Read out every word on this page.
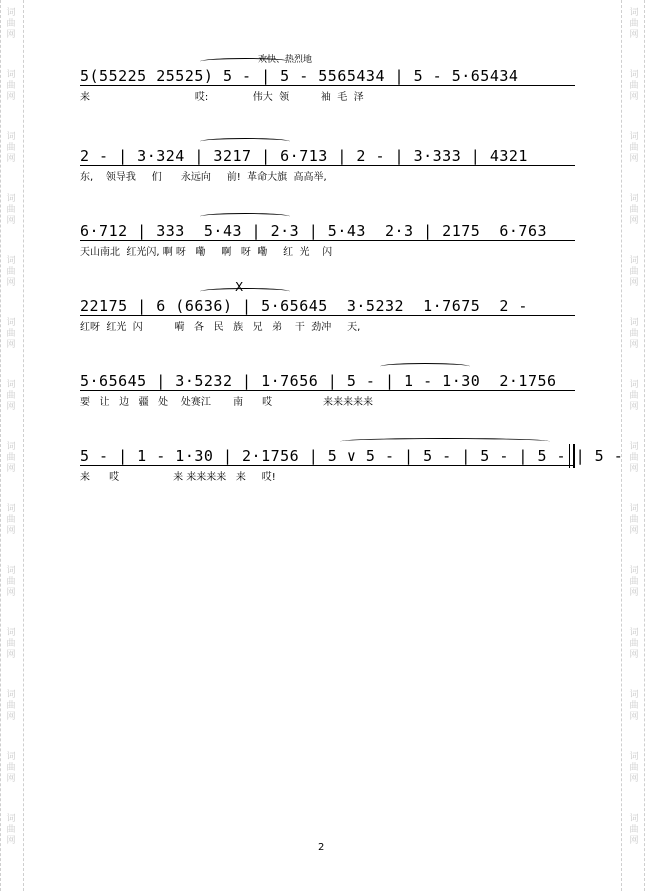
词
曲
网
词
曲
网
词
曲
网
词
曲
网
词
曲
网
词
曲
网
词
曲
网
词
曲
网
词
曲
网
词
曲
网
词
曲
网
词
曲
网
词
曲
网
词
曲
网
词
曲
网
词
曲
网
词
曲
网
词
曲
网
词
曲
网
词
曲
网
词
曲
网
词
曲
网
词
曲
网
词
曲
网
词
曲
网
词
曲
网
词
曲
网
词
曲
网
欢快、热烈地
5(55225 25525) 5 - | 5 - 5565434 | 5 - 5·65434
来                                 哎:              伟大  领          袖  毛  泽
2 - | 3·324 | 3217 | 6·713 | 2 - | 3·333 | 4321
东,    领导我     们      永远向     前!  革命大旗  高高举,
6·712 | 333  5·43 | 2·3 | 5·43  2·3 | 2175  6·763
天山南北  红光闪, 啊 呀   嘞     啊   呀  嘞     红  光    闪
22175 | 6 (6636) | 5·65645  3·5232  1·7675  2 -
红呀  红光  闪          嗬   各   民   族   兄   弟    干  劲冲     天,
X
5·65645 | 3·5232 | 1·7656 | 5 - | 1 - 1·30  2·1756
要   让   边   疆   处    处赛江       南      哎                来来来来来
5 - | 1 - 1·30 | 2·1756 | 5 ∨ 5 - | 5 - | 5 - | 5 - | 5 -
来      哎                 来 来来来来   来     哎!
2
